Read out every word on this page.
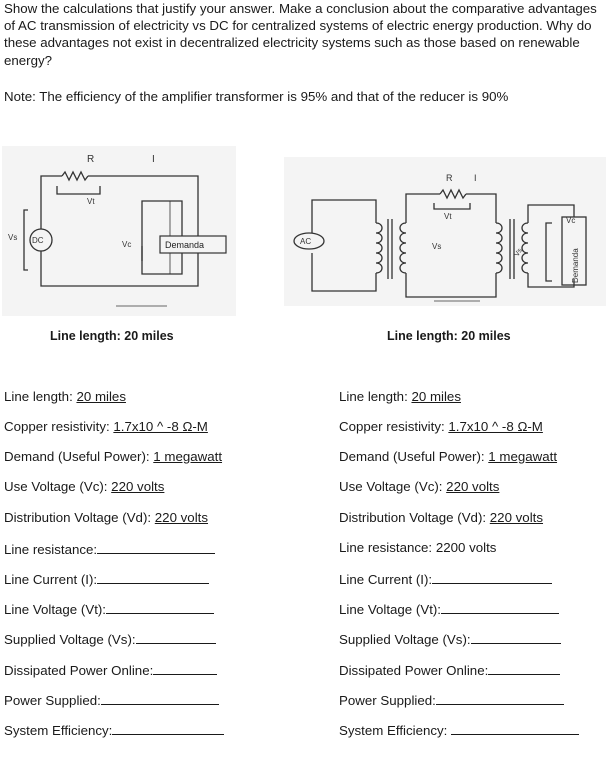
Show the calculations that justify your answer. Make a conclusion about the comparative advantages of AC transmission of electricity vs DC for centralized systems of electric energy production. Why do these advantages not exist in decentralized electricity systems such as those based on renewable energy?
Note: The efficiency of the amplifier transformer is 95% and that of the reducer is 90%
R	I
Vt
Vs DC	Vc	Demanda
R I
Vt
Vs
AC
Vc
Demanda
Vs
Line length: 20 miles	Line length: 20 miles
Line length: 20 miles
Copper resistivity: 1.7x10 ^ -8 Ω-M
Demand (Useful Power): 1 megawatt
Use Voltage (Vc): 220 volts
Distribution Voltage (Vd): 220 volts
Line resistance:
Line Current (I):
Line Voltage (Vt):
Supplied Voltage (Vs):
Dissipated Power Online:
Power Supplied:
System Efficiency:
Line length: 20 miles
Copper resistivity: 1.7x10 ^ -8 Ω-M
Demand (Useful Power): 1 megawatt
Use Voltage (Vc): 220 volts
Distribution Voltage (Vd): 220 volts
Line resistance: 2200 volts
Line Current (I):
Line Voltage (Vt):
Supplied Voltage (Vs):
Dissipated Power Online:
Power Supplied:
System Efficiency:
